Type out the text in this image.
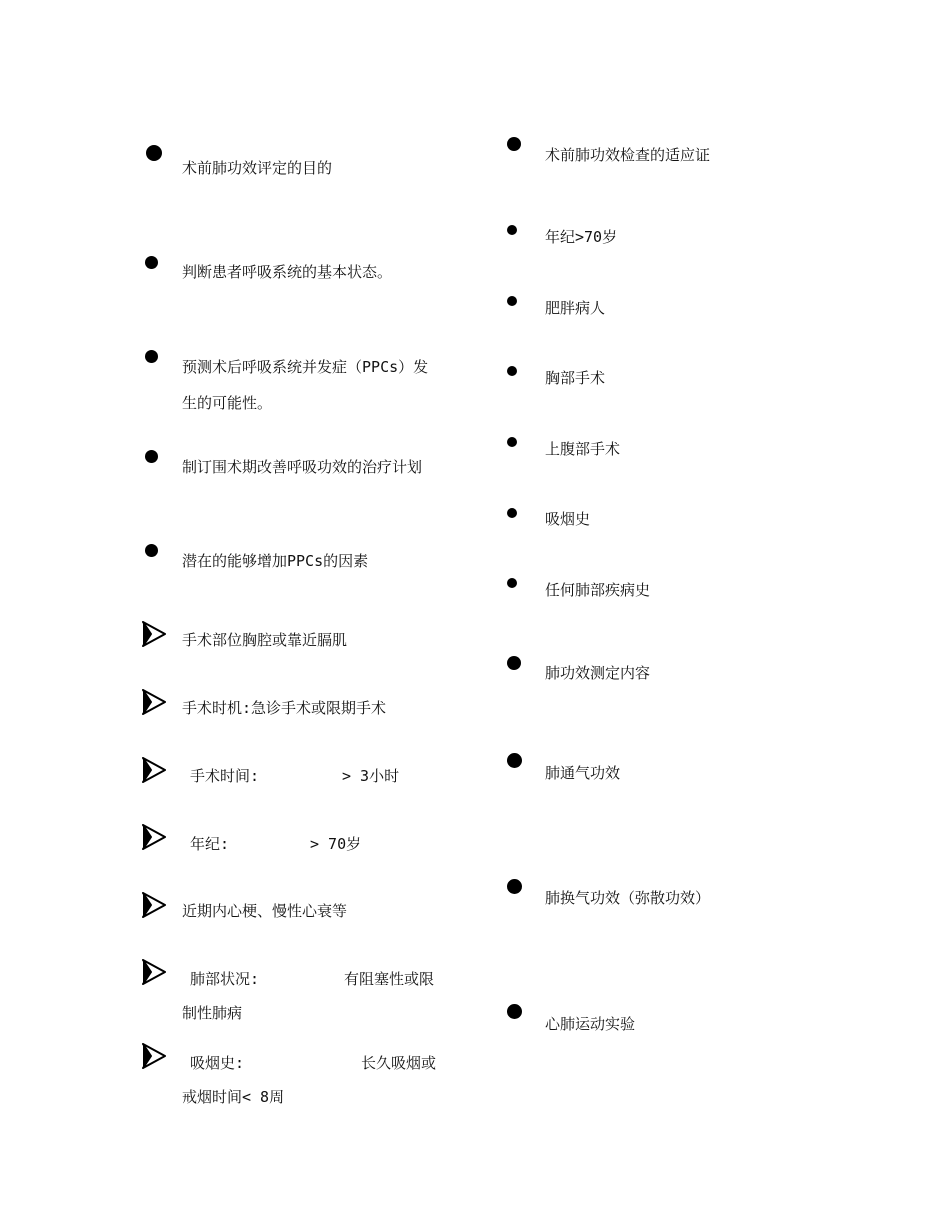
术前肺功效评定的目的
判断患者呼吸系统的基本状态。
预测术后呼吸系统并发症（PPCs）发
生的可能性。
制订围术期改善呼吸功效的治疗计划
潜在的能够增加PPCs的因素
手术部位胸腔或靠近膈肌
手术时机:急诊手术或限期手术
手术时间:	> 3小时
年纪:	> 70岁
近期内心梗、慢性心衰等
肺部状况:	有阻塞性或限
制性肺病
吸烟史:	长久吸烟或
戒烟时间< 8周
术前肺功效检查的适应证
年纪>70岁
肥胖病人
胸部手术
上腹部手术
吸烟史
任何肺部疾病史
肺功效测定内容
肺通气功效
肺换气功效（弥散功效）
心肺运动实验
